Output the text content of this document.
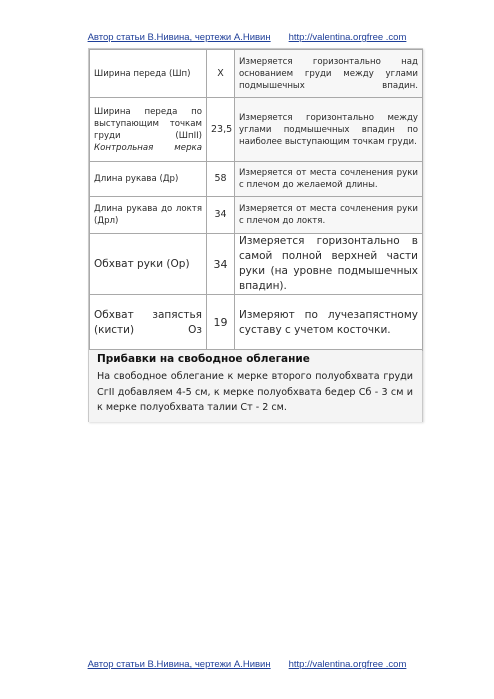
Автор статьи В.Нивина, чертежи А.Нивин http://valentina.orgfree .com
Ширина переда (Шп)	X	Измеряется горизонтально над основанием груди между углами подмышечных впадин.
Ширина переда по выступающим точкам груди (ШпII)
Контрольная мерка	23,5	Измеряется горизонтально между углами подмышечных впадин по наиболее выступающим точкам груди.
Длина рукава (Др)	58	Измеряется от места сочленения руки с плечом до желаемой длины.
Длина рукава до локтя (Дрл)	34	Измеряется от места сочленения руки с плечом до локтя.
Обхват руки (Ор)	34	Измеряется горизонтально в самой полной верхней части руки (на уровне подмышечных впадин).
Обхват запястья (кисти) Оз	19	Измеряют по лучезапястному суставу с учетом косточки.
Прибавки на свободное облегание
На свободное облегание к мерке второго полуобхвата груди СгII добавляем 4-5 см, к мерке полуобхвата бедер Сб - 3 см и к мерке полуобхвата талии Ст - 2 см.
Автор статьи В.Нивина, чертежи А.Нивин http://valentina.orgfree .com
